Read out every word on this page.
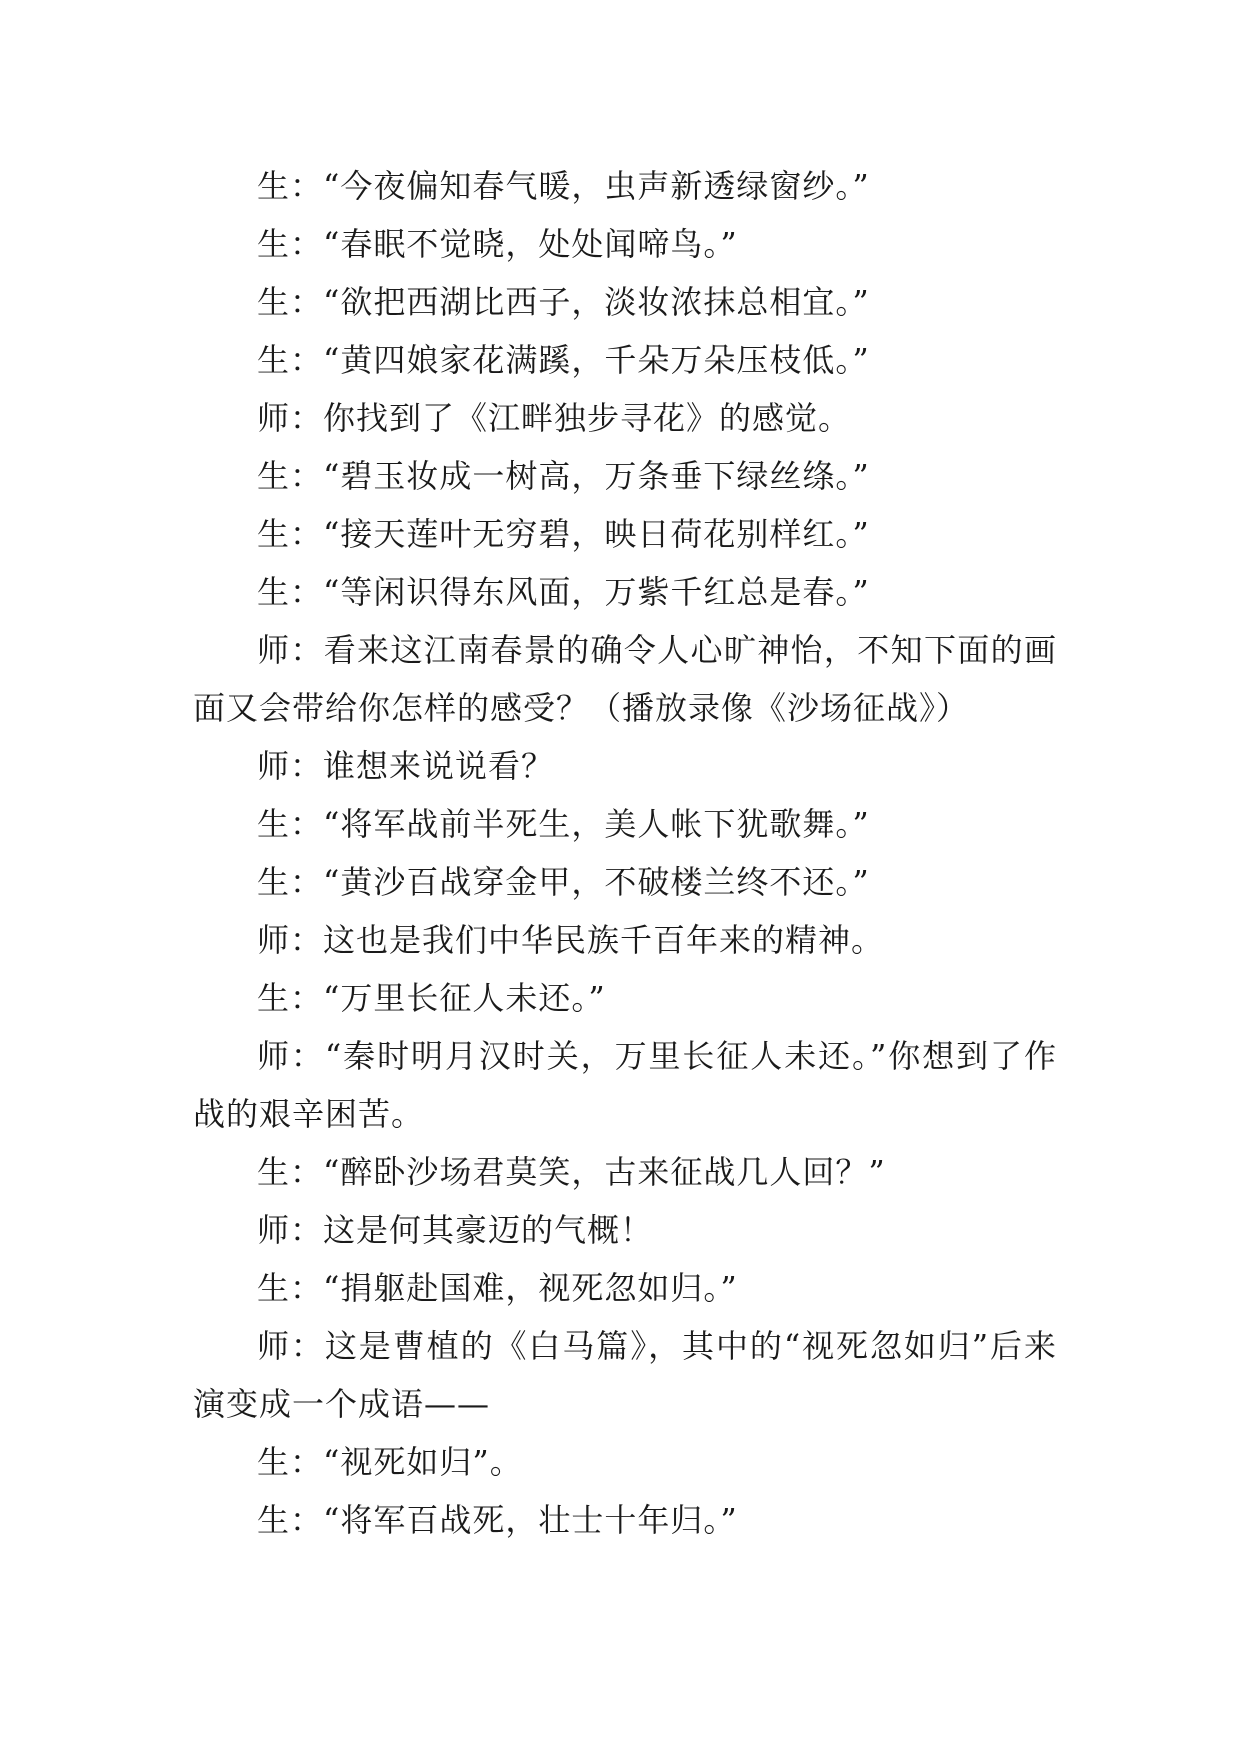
生：“今夜偏知春气暖，虫声新透绿窗纱。”

生：“春眠不觉晓，处处闻啼鸟。”

生：“欲把西湖比西子，淡妆浓抹总相宜。”

生：“黄四娘家花满蹊，千朵万朵压枝低。”

师：你找到了《江畔独步寻花》的感觉。

生：“碧玉妆成一树高，万条垂下绿丝绦。”

生：“接天莲叶无穷碧，映日荷花别样红。”

生：“等闲识得东风面，万紫千红总是春。”

师：看来这江南春景的确令人心旷神怡，不知下面的画面又会带给你怎样的感受？（播放录像《沙场征战》）

师：谁想来说说看？

生：“将军战前半死生，美人帐下犹歌舞。”

生：“黄沙百战穿金甲，不破楼兰终不还。”

师：这也是我们中华民族千百年来的精神。

生：“万里长征人未还。”

师：“秦时明月汉时关，万里长征人未还。”你想到了作战的艰辛困苦。

生：“醉卧沙场君莫笑，古来征战几人回？”

师：这是何其豪迈的气概！

生：“捐躯赴国难，视死忽如归。”

师：这是曹植的《白马篇》，其中的“视死忽如归”后来演变成一个成语——

生：“视死如归”。

生：“将军百战死，壮士十年归。”
